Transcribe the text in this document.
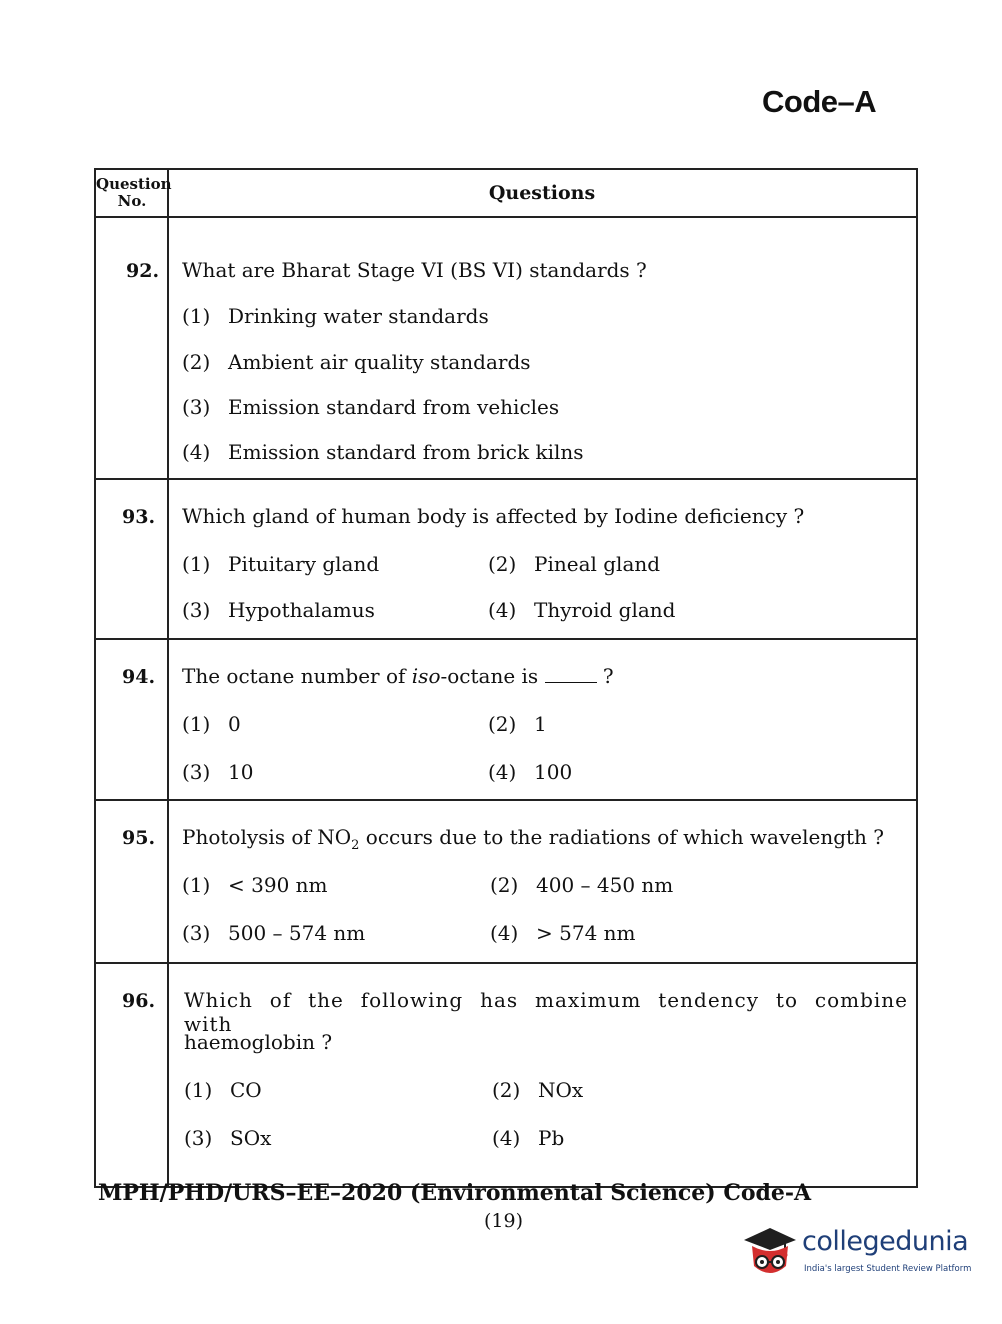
Code–A
Question
No.	Questions
92. What are Bharat Stage VI (BS VI) standards ?
(1) Drinking water standards
(2) Ambient air quality standards
(3) Emission standard from vehicles
(4) Emission standard from brick kilns
93. Which gland of human body is affected by Iodine deficiency ?
(1) Pituitary gland	(2) Pineal gland
(3) Hypothalamus	(4) Thyroid gland
94. The octane number of iso-octane is	?
(1) 0	(2) 1
(3) 10	(4) 100
95. Photolysis of $NO_2$ occurs due to the radiations of which wavelength ?
(1) < 390 nm	(2) 400 – 450 nm
(3) 500 – 574 nm	(4) > 574 nm
96. Which of the following has maximum tendency to combine with
haemoglobin ?
(1) CO	(2) NOx
(3) SOx	(4) Pb
MPH/PHD/URS–EE–2020 (Environmental Science) Code-A
(19)
collegedunia
India's largest Student Review Platform
